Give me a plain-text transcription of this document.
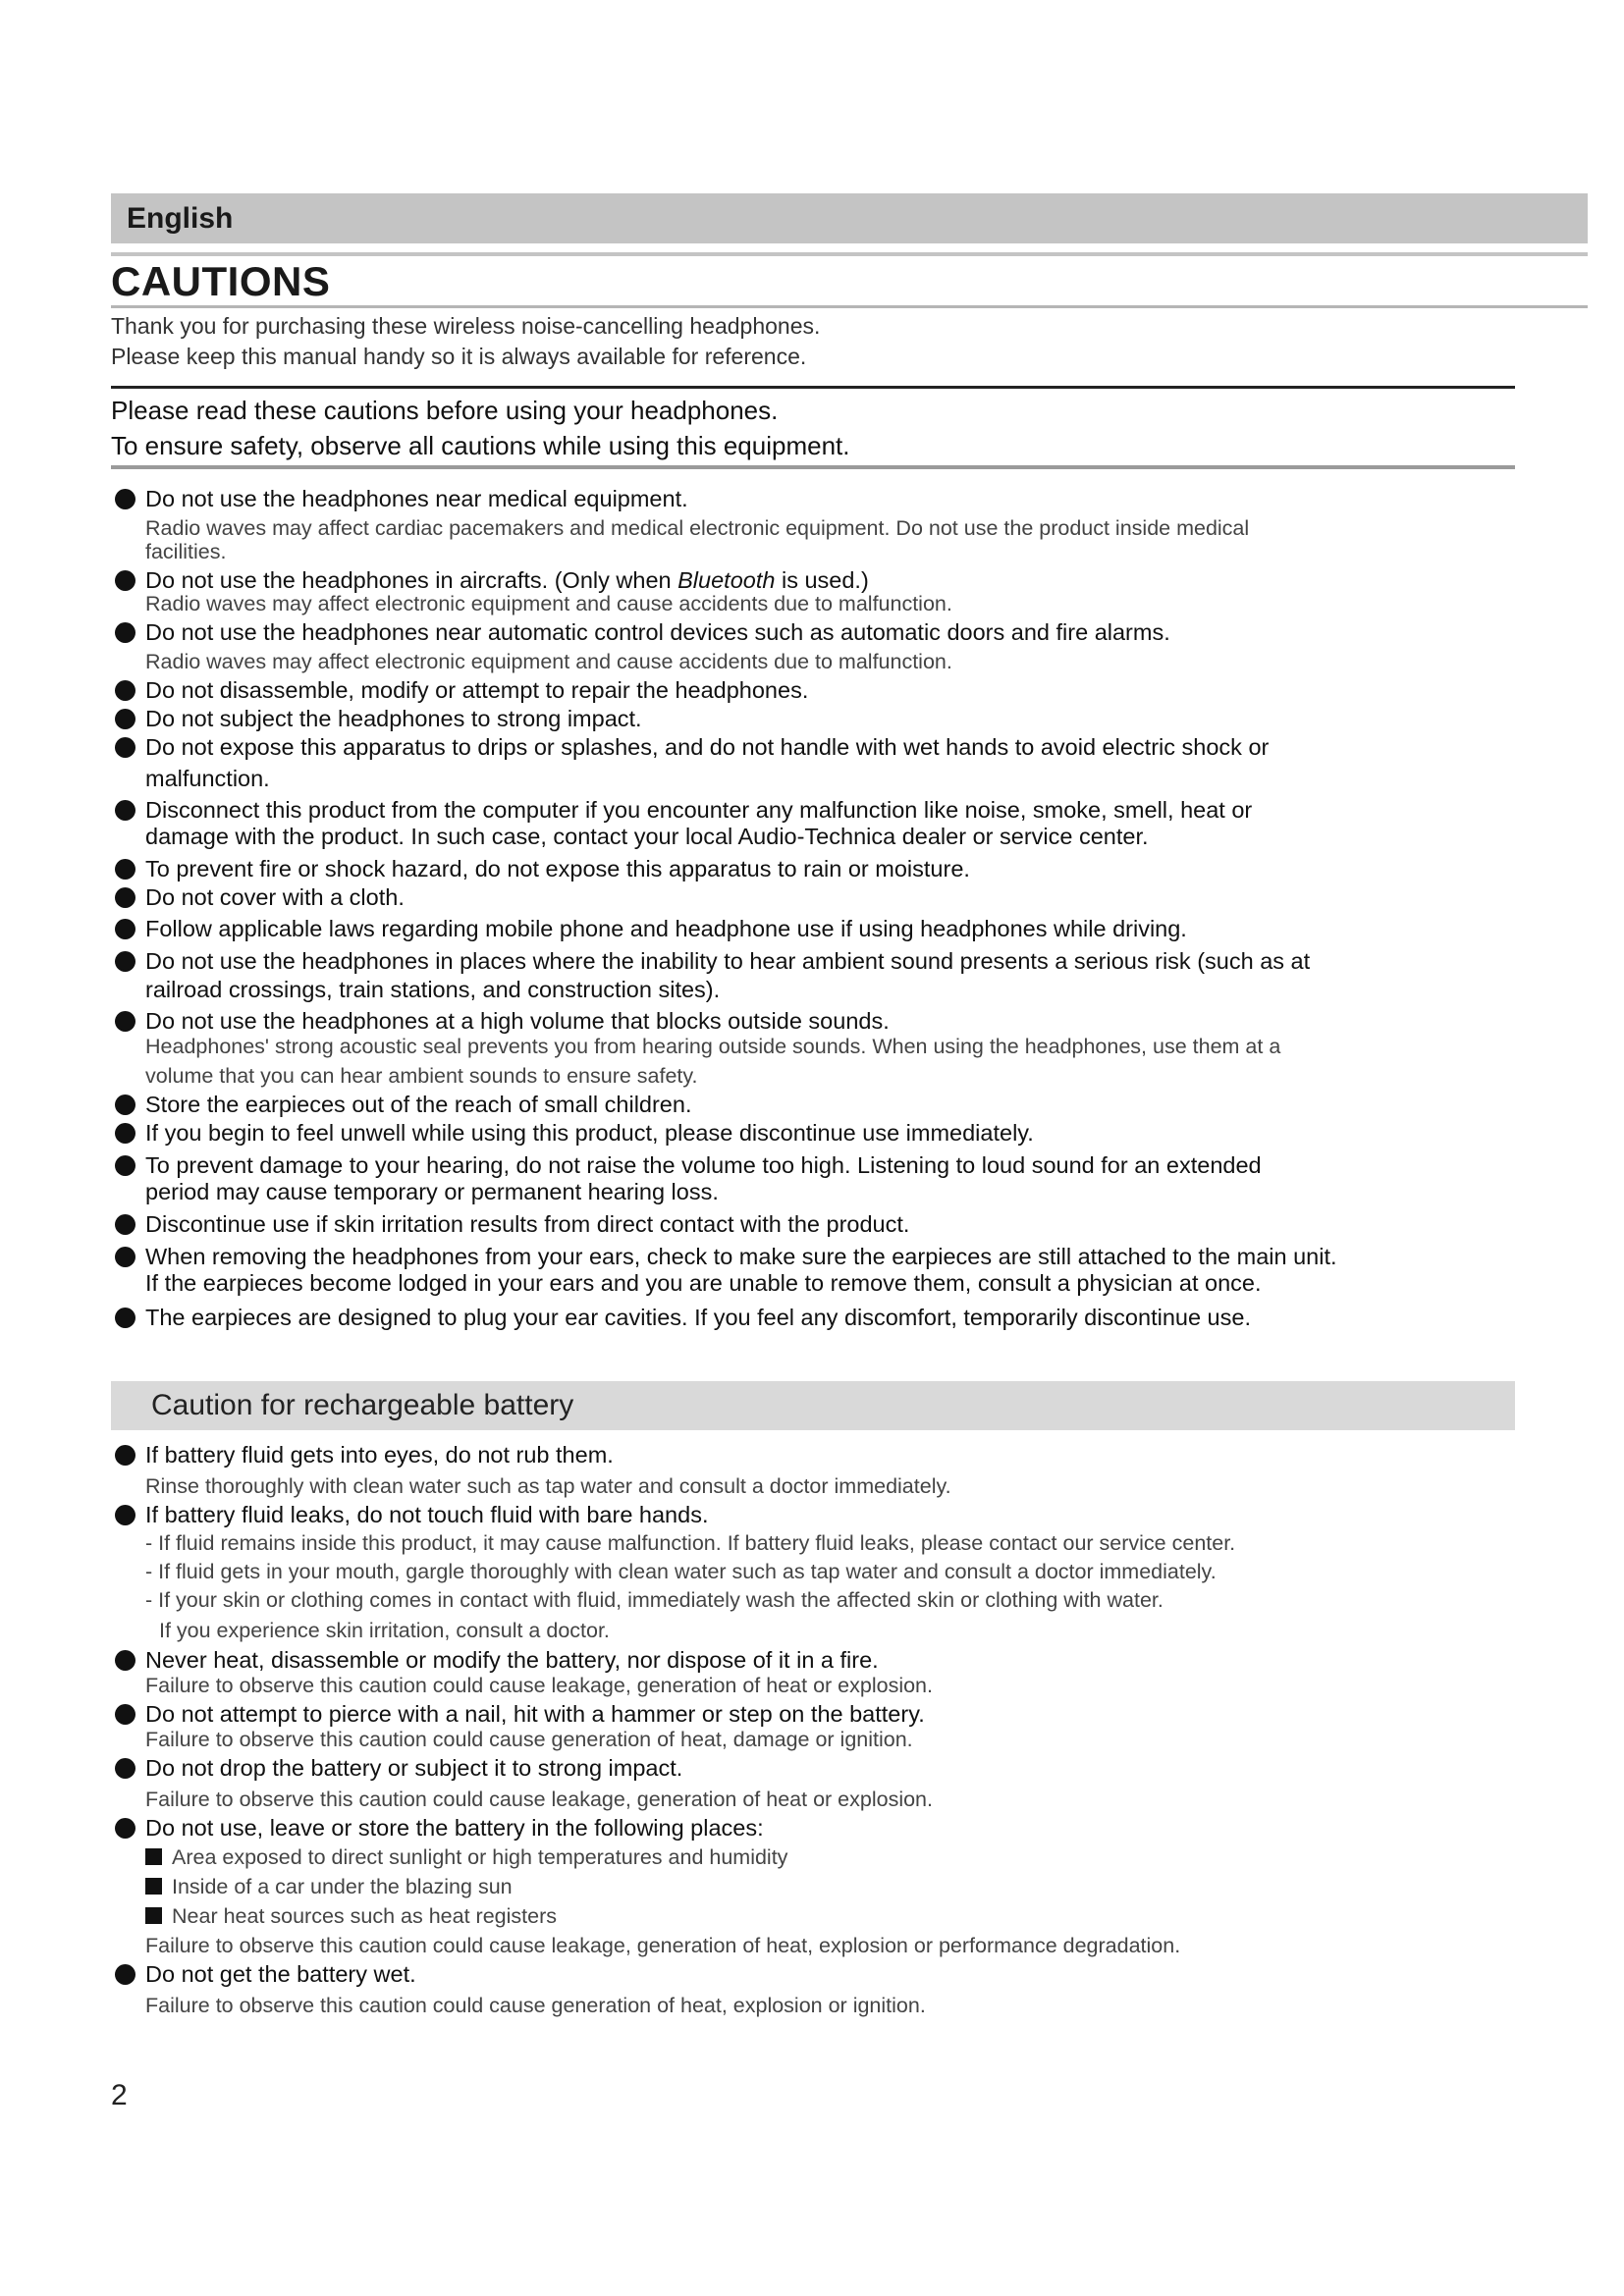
English
CAUTIONS
Thank you for purchasing these wireless noise-cancelling headphones.
Please keep this manual handy so it is always available for reference.
Please read these cautions before using your headphones.
To ensure safety, observe all cautions while using this equipment.
Do not use the headphones near medical equipment.
Radio waves may affect cardiac pacemakers and medical electronic equipment. Do not use the product inside medical
facilities.
Do not use the headphones in aircrafts. (Only when Bluetooth is used.)
Radio waves may affect electronic equipment and cause accidents due to malfunction.
Do not use the headphones near automatic control devices such as automatic doors and fire alarms.
Radio waves may affect electronic equipment and cause accidents due to malfunction.
Do not disassemble, modify or attempt to repair the headphones.
Do not subject the headphones to strong impact.
Do not expose this apparatus to drips or splashes, and do not handle with wet hands to avoid electric shock or
malfunction.
Disconnect this product from the computer if you encounter any malfunction like noise, smoke, smell, heat or
damage with the product. In such case, contact your local Audio-Technica dealer or service center.
To prevent fire or shock hazard, do not expose this apparatus to rain or moisture.
Do not cover with a cloth.
Follow applicable laws regarding mobile phone and headphone use if using headphones while driving.
Do not use the headphones in places where the inability to hear ambient sound presents a serious risk (such as at
railroad crossings, train stations, and construction sites).
Do not use the headphones at a high volume that blocks outside sounds.
Headphones' strong acoustic seal prevents you from hearing outside sounds. When using the headphones, use them at a
volume that you can hear ambient sounds to ensure safety.
Store the earpieces out of the reach of small children.
If you begin to feel unwell while using this product, please discontinue use immediately.
To prevent damage to your hearing, do not raise the volume too high. Listening to loud sound for an extended
period may cause temporary or permanent hearing loss.
Discontinue use if skin irritation results from direct contact with the product.
When removing the headphones from your ears, check to make sure the earpieces are still attached to the main unit.
If the earpieces become lodged in your ears and you are unable to remove them, consult a physician at once.
The earpieces are designed to plug your ear cavities. If you feel any discomfort, temporarily discontinue use.
Caution for rechargeable battery
If battery fluid gets into eyes, do not rub them.
Rinse thoroughly with clean water such as tap water and consult a doctor immediately.
If battery fluid leaks, do not touch fluid with bare hands.
- If fluid remains inside this product, it may cause malfunction. If battery fluid leaks, please contact our service center.
- If fluid gets in your mouth, gargle thoroughly with clean water such as tap water and consult a doctor immediately.
- If your skin or clothing comes in contact with fluid, immediately wash the affected skin or clothing with water.
If you experience skin irritation, consult a doctor.
Never heat, disassemble or modify the battery, nor dispose of it in a fire.
Failure to observe this caution could cause leakage, generation of heat or explosion.
Do not attempt to pierce with a nail, hit with a hammer or step on the battery.
Failure to observe this caution could cause generation of heat, damage or ignition.
Do not drop the battery or subject it to strong impact.
Failure to observe this caution could cause leakage, generation of heat or explosion.
Do not use, leave or store the battery in the following places:
Area exposed to direct sunlight or high temperatures and humidity
Inside of a car under the blazing sun
Near heat sources such as heat registers
Failure to observe this caution could cause leakage, generation of heat, explosion or performance degradation.
Do not get the battery wet.
Failure to observe this caution could cause generation of heat, explosion or ignition.
2
